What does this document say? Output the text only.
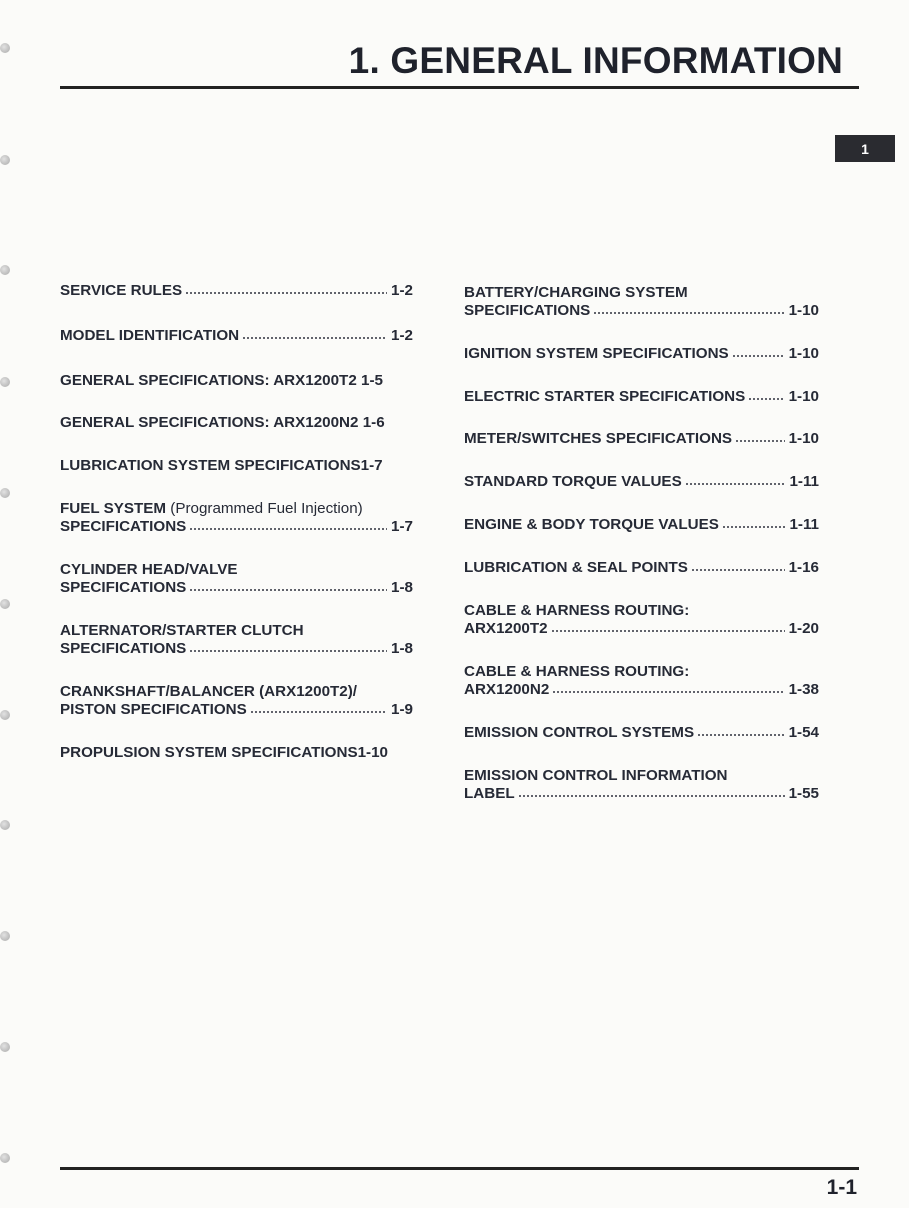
1. GENERAL INFORMATION
1
SERVICE RULES	1-2
MODEL IDENTIFICATION	1-2
GENERAL SPECIFICATIONS: ARX1200T2
1-5
GENERAL SPECIFICATIONS: ARX1200N2
1-6
LUBRICATION SYSTEM SPECIFICATIONS 1-7
FUEL SYSTEM (Programmed Fuel Injection)
SPECIFICATIONS	1-7
CYLINDER HEAD/VALVE
SPECIFICATIONS	1-8
ALTERNATOR/STARTER CLUTCH
SPECIFICATIONS	1-8
CRANKSHAFT/BALANCER (ARX1200T2)/
PISTON SPECIFICATIONS	1-9
PROPULSION SYSTEM SPECIFICATIONS 1-10
BATTERY/CHARGING SYSTEM
SPECIFICATIONS	1-10
IGNITION SYSTEM SPECIFICATIONS	1-10
ELECTRIC STARTER SPECIFICATIONS	1-10
METER/SWITCHES SPECIFICATIONS	1-10
STANDARD TORQUE VALUES	1-11
ENGINE & BODY TORQUE VALUES	1-11
LUBRICATION & SEAL POINTS	1-16
CABLE & HARNESS ROUTING:
ARX1200T2	1-20
CABLE & HARNESS ROUTING:
ARX1200N2	1-38
EMISSION CONTROL SYSTEMS	1-54
EMISSION CONTROL INFORMATION
LABEL	1-55
1-1
